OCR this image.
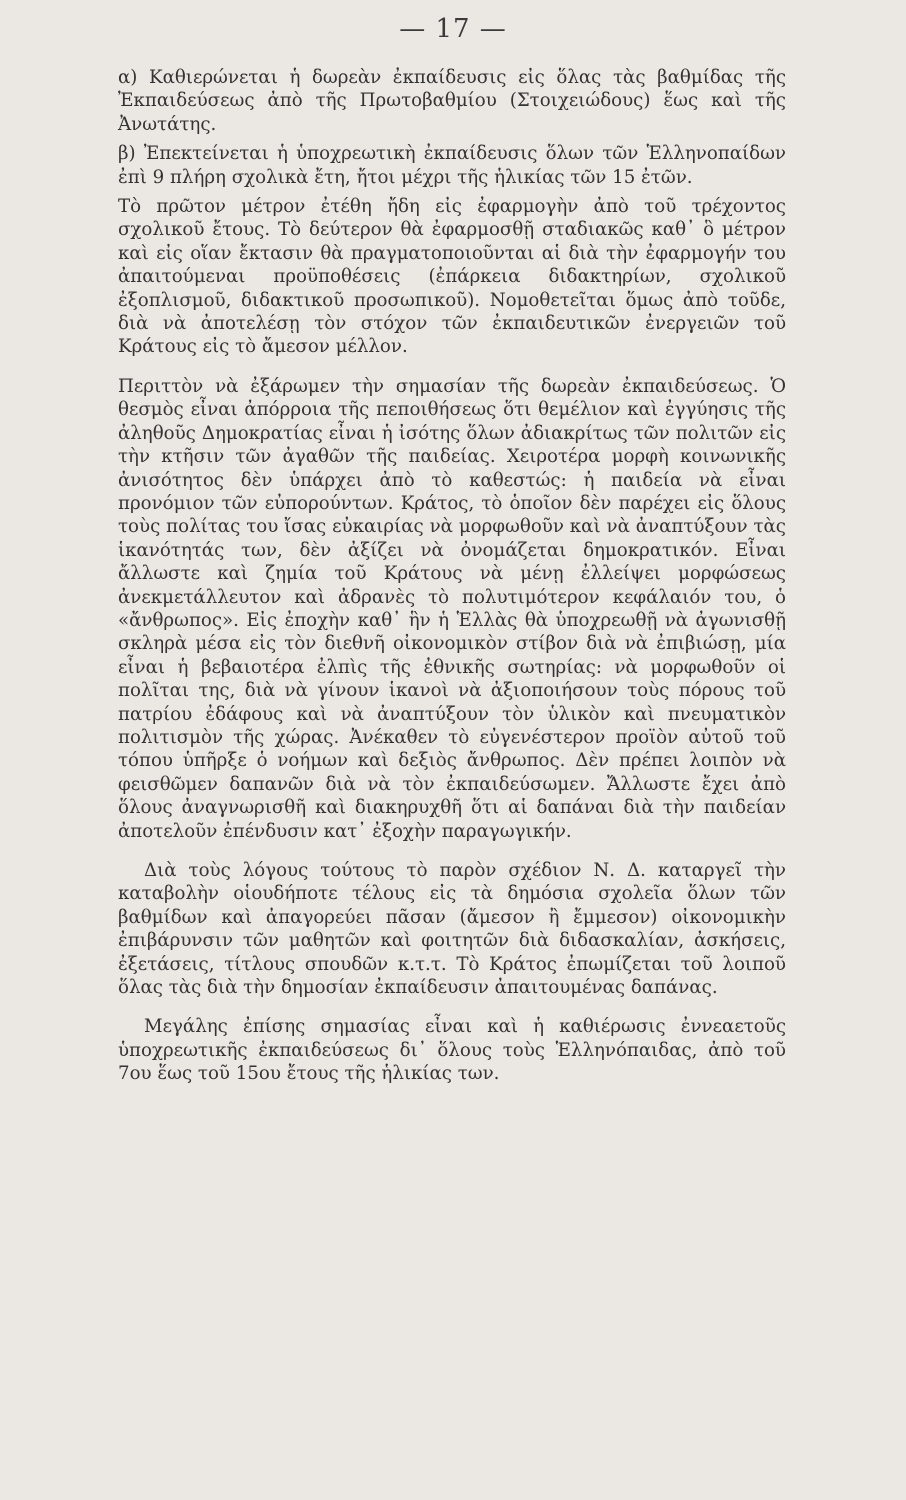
— 17 —

α) Καθιερώνεται ἡ δωρεὰν ἐκπαίδευσις εἰς ὅλας τὰς βαθμίδας τῆς Ἐκπαιδεύσεως ἀπὸ τῆς Πρωτοβαθμίου (Στοιχειώδους) ἕως καὶ τῆς Ἀνωτάτης.

β) Ἐπεκτείνεται ἡ ὑποχρεωτικὴ ἐκπαίδευσις ὅλων τῶν Ἑλληνοπαίδων ἐπὶ 9 πλήρη σχολικὰ ἔτη, ἤτοι μέχρι τῆς ἡλικίας τῶν 15 ἐτῶν.

Τὸ πρῶτον μέτρον ἐτέθη ἤδη εἰς ἐφαρμογὴν ἀπὸ τοῦ τρέχοντος σχολικοῦ ἔτους. Τὸ δεύτερον θὰ ἐφαρμοσθῇ σταδιακῶς καθ᾽ ὃ μέτρον καὶ εἰς οἵαν ἔκτασιν θὰ πραγματοποιοῦνται αἱ διὰ τὴν ἐφαρμογήν του ἀπαιτούμεναι προϋποθέσεις (ἐπάρκεια διδακτηρίων, σχολικοῦ ἐξοπλισμοῦ, διδακτικοῦ προσωπικοῦ). Νομοθετεῖται ὅμως ἀπὸ τοῦδε, διὰ νὰ ἀποτελέσῃ τὸν στόχον τῶν ἐκπαιδευτικῶν ἐνεργειῶν τοῦ Κράτους εἰς τὸ ἄμεσον μέλλον.

Περιττὸν νὰ ἐξάρωμεν τὴν σημασίαν τῆς δωρεὰν ἐκπαιδεύσεως. Ὁ θεσμὸς εἶναι ἀπόρροια τῆς πεποιθήσεως ὅτι θεμέλιον καὶ ἐγγύησις τῆς ἀληθοῦς Δημοκρατίας εἶναι ἡ ἰσότης ὅλων ἀδιακρίτως τῶν πολιτῶν εἰς τὴν κτῆσιν τῶν ἀγαθῶν τῆς παιδείας. Χειροτέρα μορφὴ κοινωνικῆς ἀνισότητος δὲν ὑπάρχει ἀπὸ τὸ καθεστώς: ἡ παιδεία νὰ εἶναι προνόμιον τῶν εὐπορούντων. Κράτος, τὸ ὁποῖον δὲν παρέχει εἰς ὅλους τοὺς πολίτας του ἴσας εὐκαιρίας νὰ μορφωθοῦν καὶ νὰ ἀναπτύξουν τὰς ἱκανότητάς των, δὲν ἀξίζει νὰ ὀνομάζεται δημοκρατικόν. Εἶναι ἄλλωστε καὶ ζημία τοῦ Κράτους νὰ μένῃ ἐλλείψει μορφώσεως ἀνεκμετάλλευτον καὶ ἀδρανὲς τὸ πολυτιμότερον κεφάλαιόν του, ὁ «ἄνθρωπος». Εἰς ἐποχὴν καθ᾽ ἣν ἡ Ἑλλὰς θὰ ὑποχρεωθῇ νὰ ἀγωνισθῇ σκληρὰ μέσα εἰς τὸν διεθνῆ οἰκονομικὸν στίβον διὰ νὰ ἐπιβιώσῃ, μία εἶναι ἡ βεβαιοτέρα ἐλπὶς τῆς ἐθνικῆς σωτηρίας: νὰ μορφωθοῦν οἱ πολῖται της, διὰ νὰ γίνουν ἱκανοὶ νὰ ἀξιοποιήσουν τοὺς πόρους τοῦ πατρίου ἐδάφους καὶ νὰ ἀναπτύξουν τὸν ὑλικὸν καὶ πνευματικὸν πολιτισμὸν τῆς χώρας. Ἀνέκαθεν τὸ εὐγενέστερον προϊὸν αὐτοῦ τοῦ τόπου ὑπῆρξε ὁ νοήμων καὶ δεξιὸς ἄνθρωπος. Δὲν πρέπει λοιπὸν νὰ φεισθῶμεν δαπανῶν διὰ νὰ τὸν ἐκπαιδεύσωμεν. Ἄλλωστε ἔχει ἀπὸ ὅλους ἀναγνωρισθῆ καὶ διακηρυχθῆ ὅτι αἱ δαπάναι διὰ τὴν παιδείαν ἀποτελοῦν ἐπένδυσιν κατ᾽ ἐξοχὴν παραγωγικήν.

Διὰ τοὺς λόγους τούτους τὸ παρὸν σχέδιον Ν. Δ. καταργεῖ τὴν καταβολὴν οἱουδήποτε τέλους εἰς τὰ δημόσια σχολεῖα ὅλων τῶν βαθμίδων καὶ ἀπαγορεύει πᾶσαν (ἄμεσον ἢ ἔμμεσον) οἰκονομικὴν ἐπιβάρυνσιν τῶν μαθητῶν καὶ φοιτητῶν διὰ διδασκαλίαν, ἀσκήσεις, ἐξετάσεις, τίτλους σπουδῶν κ.τ.τ. Τὸ Κράτος ἐπωμίζεται τοῦ λοιποῦ ὅλας τὰς διὰ τὴν δημοσίαν ἐκπαίδευσιν ἀπαιτουμένας δαπάνας.

Μεγάλης ἐπίσης σημασίας εἶναι καὶ ἡ καθιέρωσις ἐννεαετοῦς ὑποχρεωτικῆς ἐκπαιδεύσεως δι᾽ ὅλους τοὺς Ἑλληνόπαιδας, ἀπὸ τοῦ 7ου ἕως τοῦ 15ου ἔτους τῆς ἡλικίας των.
